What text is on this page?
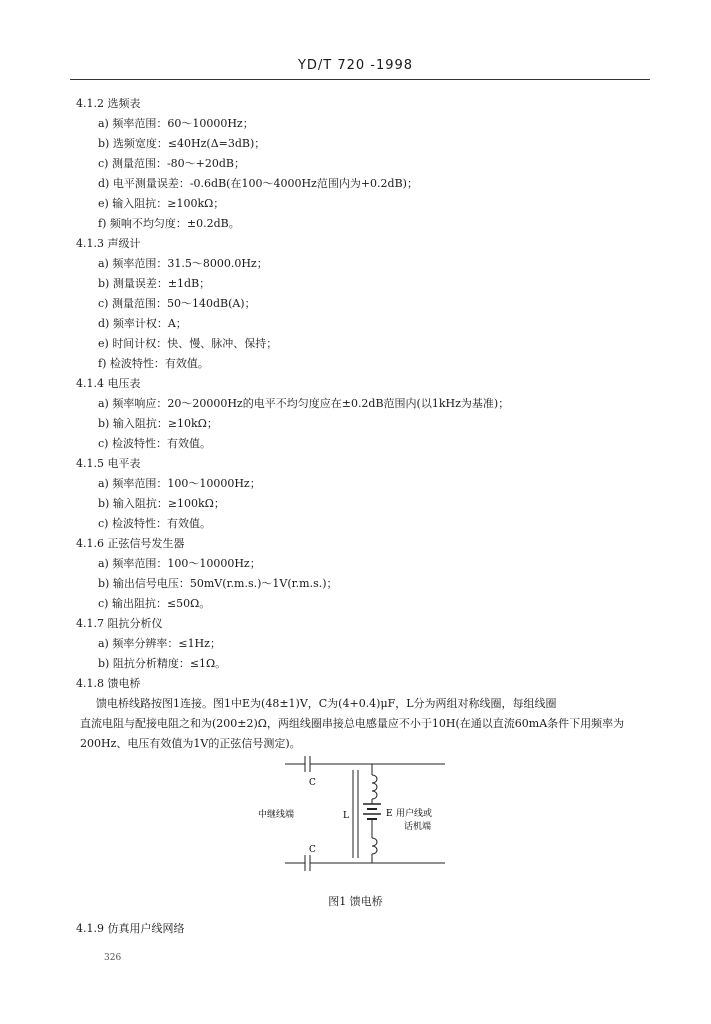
YD/T 720 -1998
4.1.2 选频表
a) 频率范围：60～10000Hz；
b) 选频宽度：≤40Hz(Δ=3dB)；
c) 测量范围：-80～+20dB；
d) 电平测量误差：-0.6dB(在100～4000Hz范围内为+0.2dB)；
e) 输入阻抗：≥100kΩ；
f) 频响不均匀度：±0.2dB。
4.1.3 声级计
a) 频率范围：31.5～8000.0Hz；
b) 测量误差：±1dB；
c) 测量范围：50～140dB(A)；
d) 频率计权：A；
e) 时间计权：快、慢、脉冲、保持；
f) 检波特性：有效值。
4.1.4 电压表
a) 频率响应：20～20000Hz的电平不均匀度应在±0.2dB范围内(以1kHz为基准)；
b) 输入阻抗：≥10kΩ；
c) 检波特性：有效值。
4.1.5 电平表
a) 频率范围：100～10000Hz；
b) 输入阻抗：≥100kΩ；
c) 检波特性：有效值。
4.1.6 正弦信号发生器
a) 频率范围：100～10000Hz；
b) 输出信号电压：50mV(r.m.s.)～1V(r.m.s.)；
c) 输出阻抗：≤50Ω。
4.1.7 阻抗分析仪
a) 频率分辨率：≤1Hz；
b) 阻抗分析精度：≤1Ω。
4.1.8 馈电桥
馈电桥线路按图1连接。图1中E为(48±1)V，C为(4+0.4)μF，L分为两组对称线圈，每组线圈
直流电阻与配接电阻之和为(200±2)Ω，两组线圈串接总电感量应不小于10H(在通以直流60mA条件下用频率为200Hz、电压有效值为1V的正弦信号测定)。
C
C
L	E
中继线端	用户线或
话机端
图1 馈电桥
4.1.9 仿真用户线网络
326
